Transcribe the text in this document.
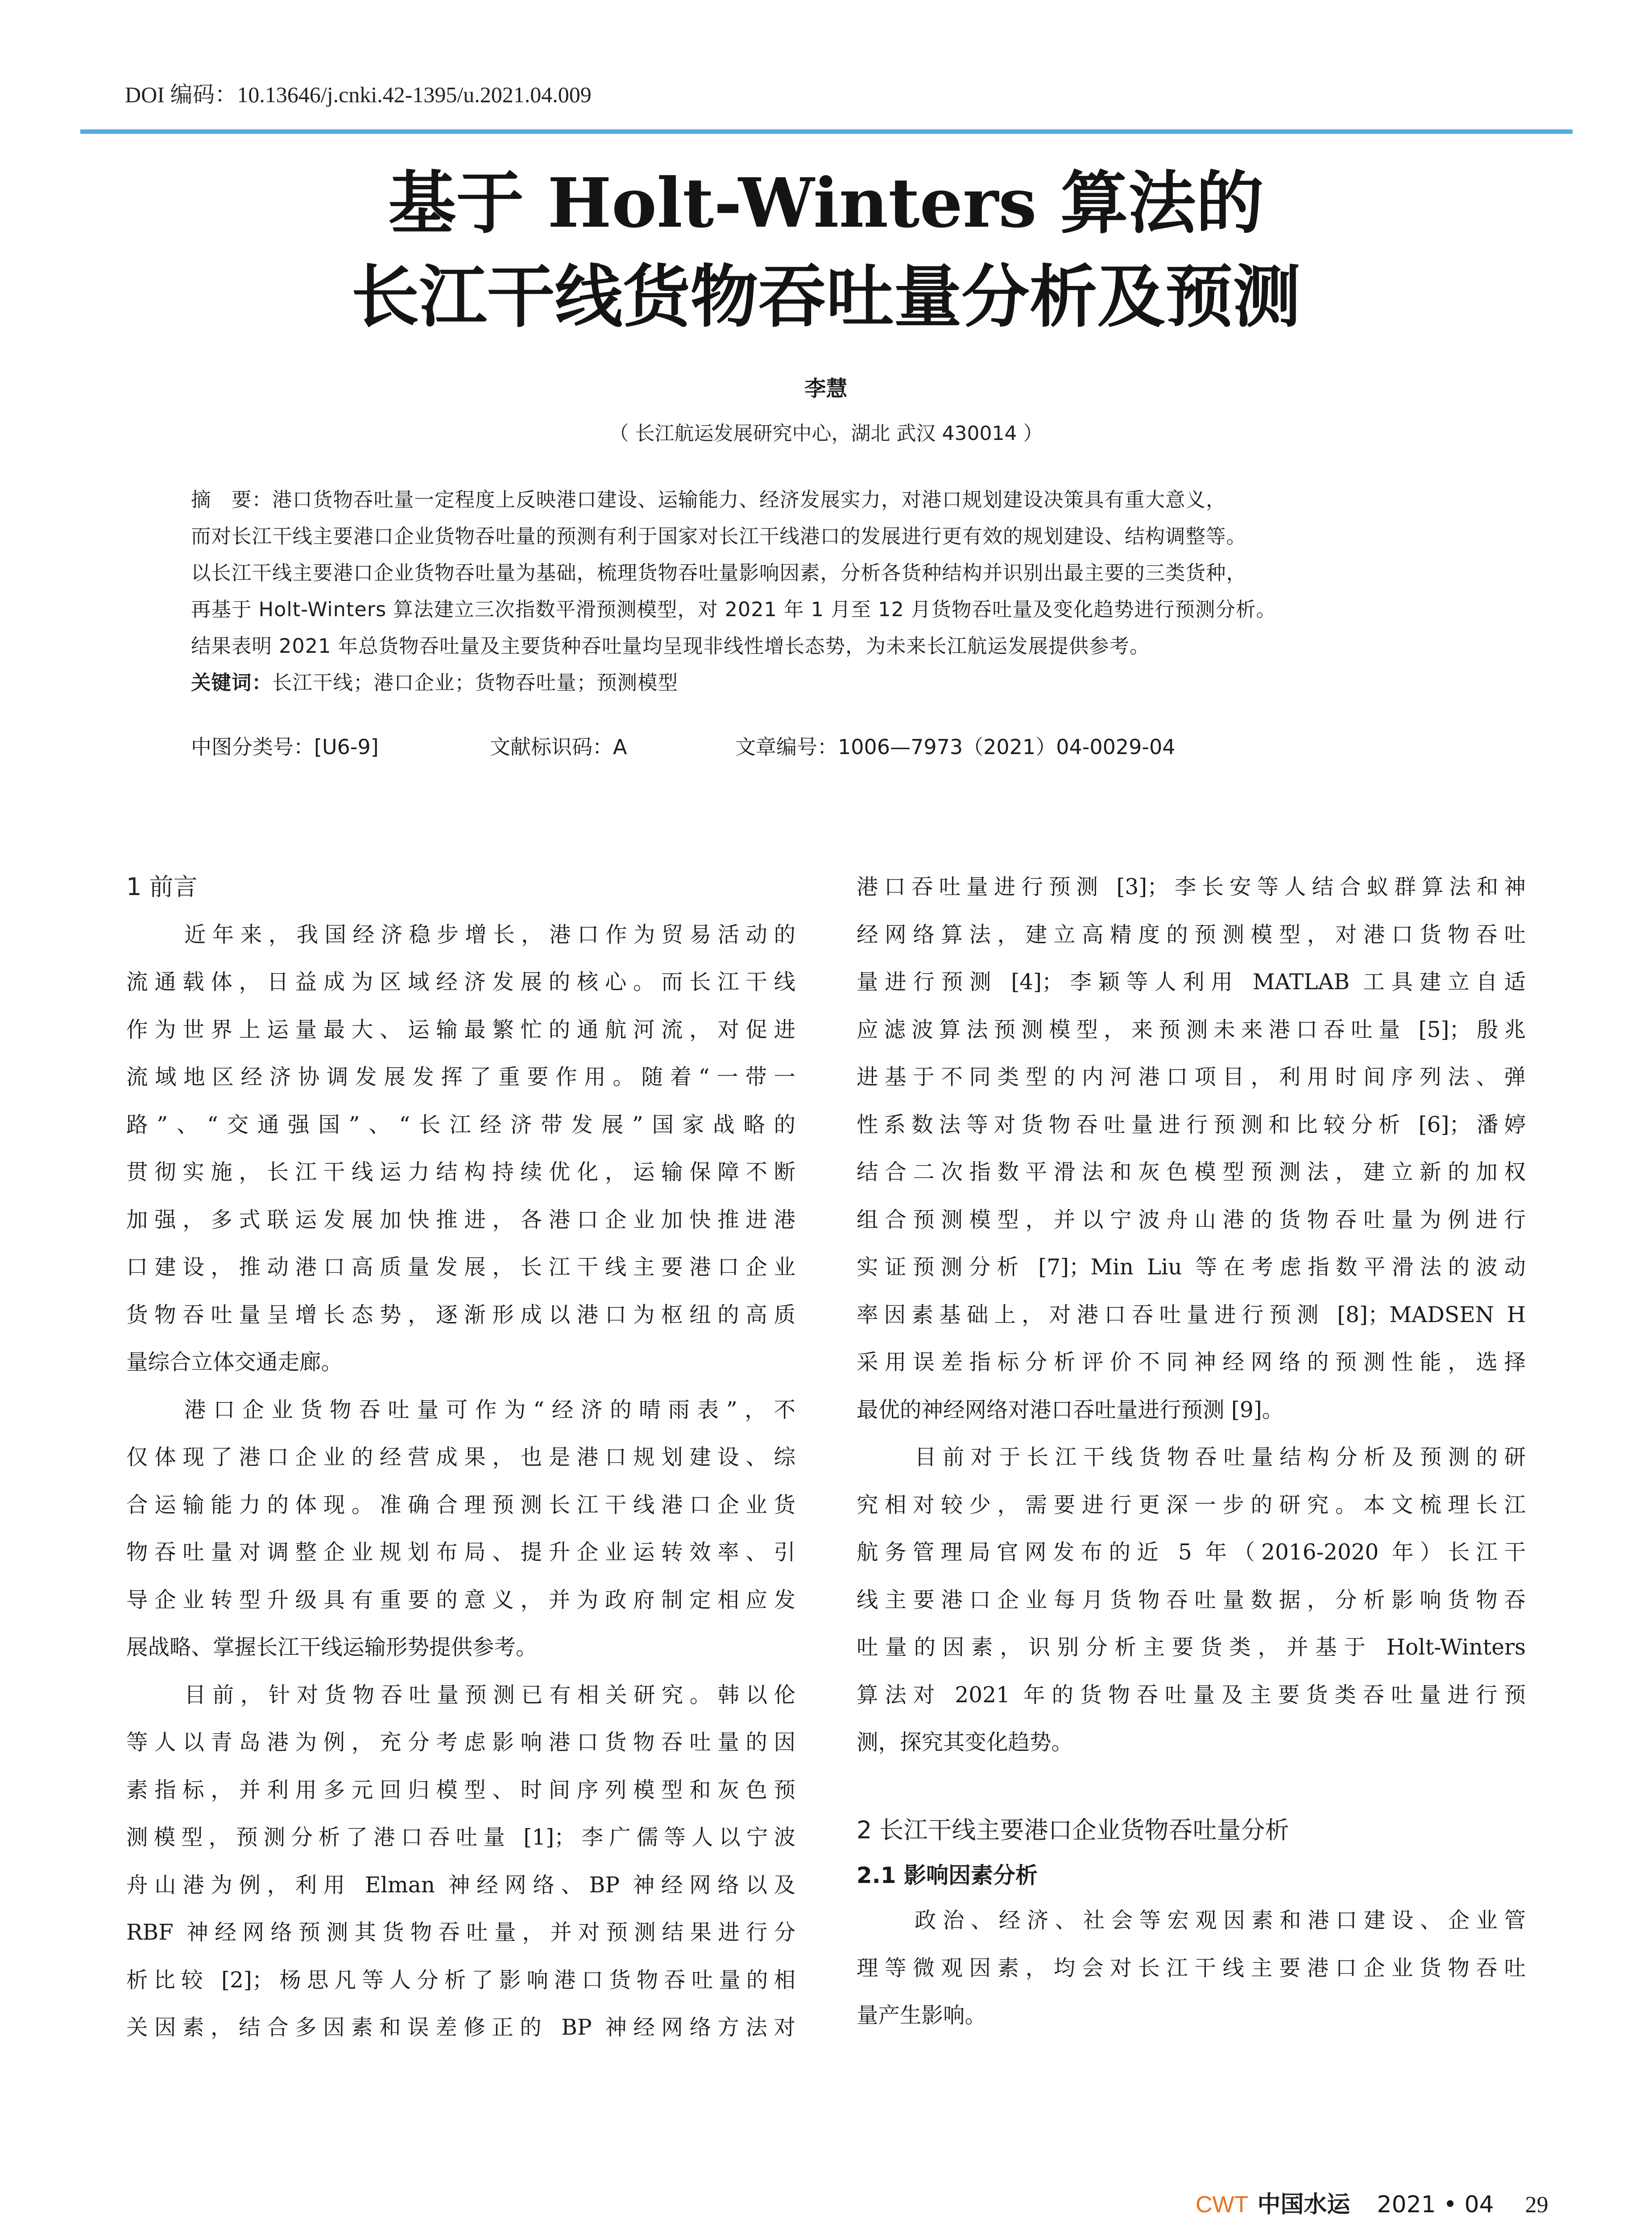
DOI 编码：10.13646/j.cnki.42-1395/u.2021.04.009
基于 Holt-Winters 算法的
长江干线货物吞吐量分析及预测
李慧
（ 长江航运发展研究中心，湖北 武汉 430014 ）

摘　要：港口货物吞吐量一定程度上反映港口建设、运输能力、经济发展实力，对港口规划建设决策具有重大意义，

而对长江干线主要港口企业货物吞吐量的预测有利于国家对长江干线港口的发展进行更有效的规划建设、结构调整等。

以长江干线主要港口企业货物吞吐量为基础，梳理货物吞吐量影响因素，分析各货种结构并识别出最主要的三类货种，

再基于 Holt-Winters 算法建立三次指数平滑预测模型，对 2021 年 1 月至 12 月货物吞吐量及变化趋势进行预测分析。

结果表明 2021 年总货物吞吐量及主要货种吞吐量均呈现非线性增长态势，为未来长江航运发展提供参考。

关键词：长江干线；港口企业；货物吞吐量；预测模型

中图分类号：[U6-9]	文献标识码：A	文章编号：1006—7973（2021）04-0029-04
1 前言
近年来，我国经济稳步增长，港口作为贸易活动的
流通载体，日益成为区域经济发展的核心。而长江干线
作为世界上运量最大、运输最繁忙的通航河流，对促进
流域地区经济协调发展发挥了重要作用。随着“一带一
路”、“交通强国”、“长江经济带发展”国家战略的
贯彻实施，长江干线运力结构持续优化，运输保障不断
加强，多式联运发展加快推进，各港口企业加快推进港
口建设，推动港口高质量发展，长江干线主要港口企业
货物吞吐量呈增长态势，逐渐形成以港口为枢纽的高质
量综合立体交通走廊。
港口企业货物吞吐量可作为“经济的晴雨表”，不
仅体现了港口企业的经营成果，也是港口规划建设、综
合运输能力的体现。准确合理预测长江干线港口企业货
物吞吐量对调整企业规划布局、提升企业运转效率、引
导企业转型升级具有重要的意义，并为政府制定相应发
展战略、掌握长江干线运输形势提供参考。
目前，针对货物吞吐量预测已有相关研究。韩以伦
等人以青岛港为例，充分考虑影响港口货物吞吐量的因
素指标，并利用多元回归模型、时间序列模型和灰色预
测模型，预测分析了港口吞吐量 [1]；李广儒等人以宁波
舟山港为例，利用 Elman 神经网络、BP 神经网络以及
RBF 神经网络预测其货物吞吐量，并对预测结果进行分
析比较 [2]；杨思凡等人分析了影响港口货物吞吐量的相
关因素，结合多因素和误差修正的 BP 神经网络方法对
港口吞吐量进行预测 [3]；李长安等人结合蚁群算法和神
经网络算法，建立高精度的预测模型，对港口货物吞吐
量进行预测 [4]；李颖等人利用 MATLAB 工具建立自适
应滤波算法预测模型，来预测未来港口吞吐量 [5]；殷兆
进基于不同类型的内河港口项目，利用时间序列法、弹
性系数法等对货物吞吐量进行预测和比较分析 [6]；潘婷
结合二次指数平滑法和灰色模型预测法，建立新的加权
组合预测模型，并以宁波舟山港的货物吞吐量为例进行
实证预测分析 [7]；Min Liu 等在考虑指数平滑法的波动
率因素基础上，对港口吞吐量进行预测 [8]；MADSEN H
采用误差指标分析评价不同神经网络的预测性能，选择
最优的神经网络对港口吞吐量进行预测 [9]。
目前对于长江干线货物吞吐量结构分析及预测的研
究相对较少，需要进行更深一步的研究。本文梳理长江
航务管理局官网发布的近 5 年（2016-2020 年）长江干
线主要港口企业每月货物吞吐量数据，分析影响货物吞
吐量的因素，识别分析主要货类，并基于 Holt-Winters
算法对 2021 年的货物吞吐量及主要货类吞吐量进行预
测，探究其变化趋势。
2 长江干线主要港口企业货物吞吐量分析
2.1 影响因素分析
政治、经济、社会等宏观因素和港口建设、企业管
理等微观因素，均会对长江干线主要港口企业货物吞吐
量产生影响。
CWT 中国水运 2021 • 04 29
